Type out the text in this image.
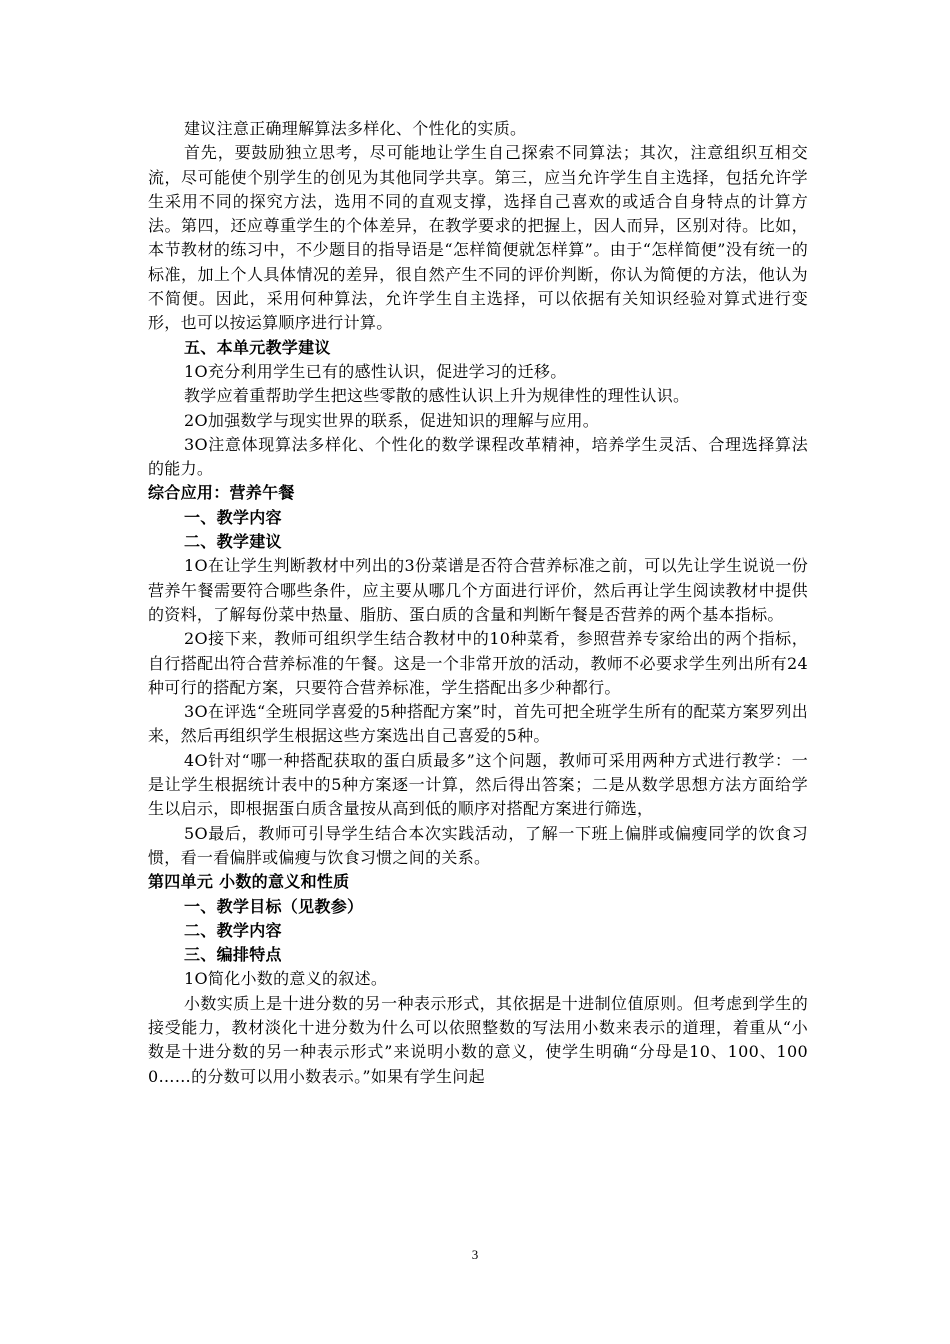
建议注意正确理解算法多样化、个性化的实质。

首先，要鼓励独立思考，尽可能地让学生自己探索不同算法；其次，注意组织互相交流，尽可能使个别学生的创见为其他同学共享。第三，应当允许学生自主选择，包括允许学生采用不同的探究方法，选用不同的直观支撑，选择自己喜欢的或适合自身特点的计算方法。第四，还应尊重学生的个体差异，在教学要求的把握上，因人而异，区别对待。比如，本节教材的练习中，不少题目的指导语是“怎样简便就怎样算”。由于“怎样简便”没有统一的标准，加上个人具体情况的差异，很自然产生不同的评价判断，你认为简便的方法，他认为不简便。因此，采用何种算法，允许学生自主选择，可以依据有关知识经验对算式进行变形，也可以按运算顺序进行计算。

五、本单元教学建议

1O充分利用学生已有的感性认识，促进学习的迁移。

教学应着重帮助学生把这些零散的感性认识上升为规律性的理性认识。

2O加强数学与现实世界的联系，促进知识的理解与应用。

3O注意体现算法多样化、个性化的数学课程改革精神，培养学生灵活、合理选择算法的能力。

综合应用：营养午餐

一、教学内容

二、教学建议

1O在让学生判断教材中列出的3份菜谱是否符合营养标准之前，可以先让学生说说一份营养午餐需要符合哪些条件，应主要从哪几个方面进行评价，然后再让学生阅读教材中提供的资料，了解每份菜中热量、脂肪、蛋白质的含量和判断午餐是否营养的两个基本指标。

2O接下来，教师可组织学生结合教材中的10种菜肴，参照营养专家给出的两个指标，自行搭配出符合营养标准的午餐。这是一个非常开放的活动，教师不必要求学生列出所有24种可行的搭配方案，只要符合营养标准，学生搭配出多少种都行。

3O在评选“全班同学喜爱的5种搭配方案”时，首先可把全班学生所有的配菜方案罗列出来，然后再组织学生根据这些方案选出自己喜爱的5种。

4O针对“哪一种搭配获取的蛋白质最多”这个问题，教师可采用两种方式进行教学：一是让学生根据统计表中的5种方案逐一计算，然后得出答案；二是从数学思想方法方面给学生以启示，即根据蛋白质含量按从高到低的顺序对搭配方案进行筛选，

5O最后，教师可引导学生结合本次实践活动，了解一下班上偏胖或偏瘦同学的饮食习惯，看一看偏胖或偏瘦与饮食习惯之间的关系。

第四单元 小数的意义和性质

一、教学目标（见教参）

二、教学内容

三、编排特点

1O简化小数的意义的叙述。

小数实质上是十进分数的另一种表示形式，其依据是十进制位值原则。但考虑到学生的接受能力，教材淡化十进分数为什么可以依照整数的写法用小数来表示的道理，着重从“小数是十进分数的另一种表示形式”来说明小数的意义，使学生明确“分母是10、100、1000……的分数可以用小数表示。”如果有学生问起

3
